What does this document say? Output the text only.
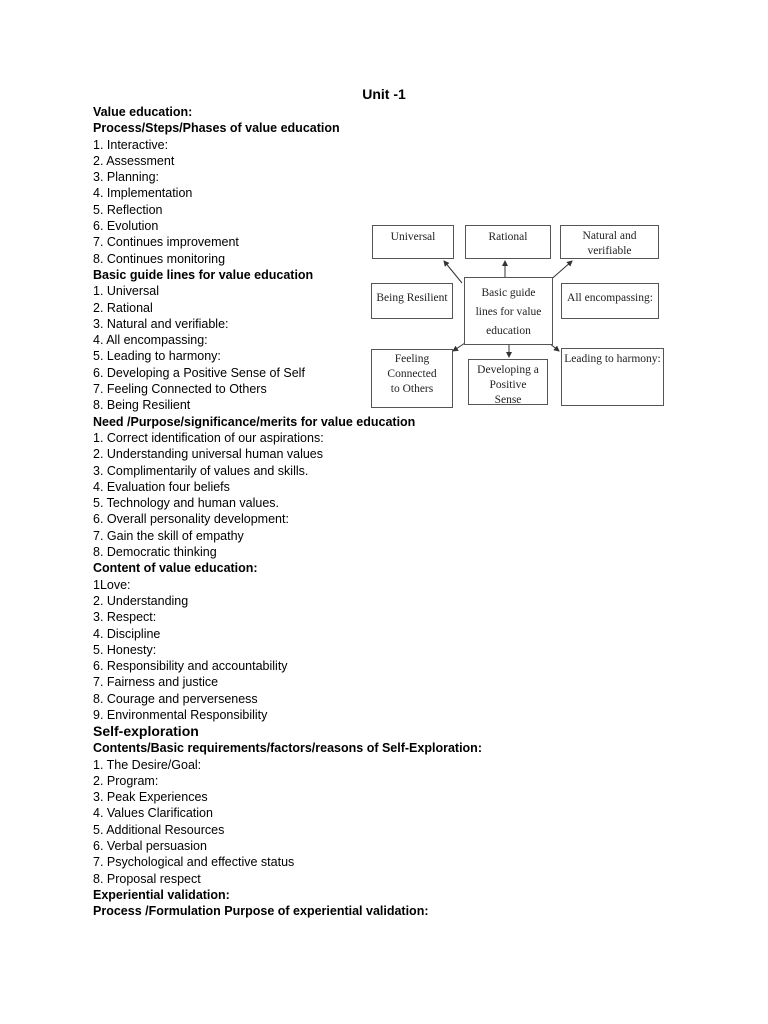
Unit -1
Value education:
Process/Steps/Phases of value education
1. Interactive:
2. Assessment
3. Planning:
4. Implementation
5. Reflection
6. Evolution
7. Continues improvement
8. Continues monitoring
Basic guide lines for value education
1. Universal
2. Rational
3. Natural and verifiable:
4. All encompassing:
5. Leading to harmony:
6. Developing a Positive Sense of Self
7. Feeling Connected to Others
8. Being Resilient
Need /Purpose/significance/merits for value education
1. Correct identification of our aspirations:
2. Understanding universal human values
3. Complimentarily of values and skills.
4. Evaluation four beliefs
5. Technology and human values.
6. Overall personality development:
7. Gain the skill of empathy
8. Democratic thinking
Content of value education:
1Love:
2. Understanding
3. Respect:
4. Discipline
5. Honesty:
6. Responsibility and accountability
7. Fairness and justice
8. Courage and perverseness
9. Environmental Responsibility
Self-exploration
Contents/Basic requirements/factors/reasons of Self-Exploration:
1. The Desire/Goal:
2. Program:
3. Peak Experiences
4. Values Clarification
5. Additional Resources
6. Verbal persuasion
7. Psychological and effective status
8. Proposal respect
Experiential validation:
Process /Formulation Purpose of experiential validation:
Universal	Rational	Natural and verifiable
Being Resilient	Basic guide lines for value education
All encompassing:
Feeling Connected to Others
Developing a Positive Sense
Leading to harmony:
